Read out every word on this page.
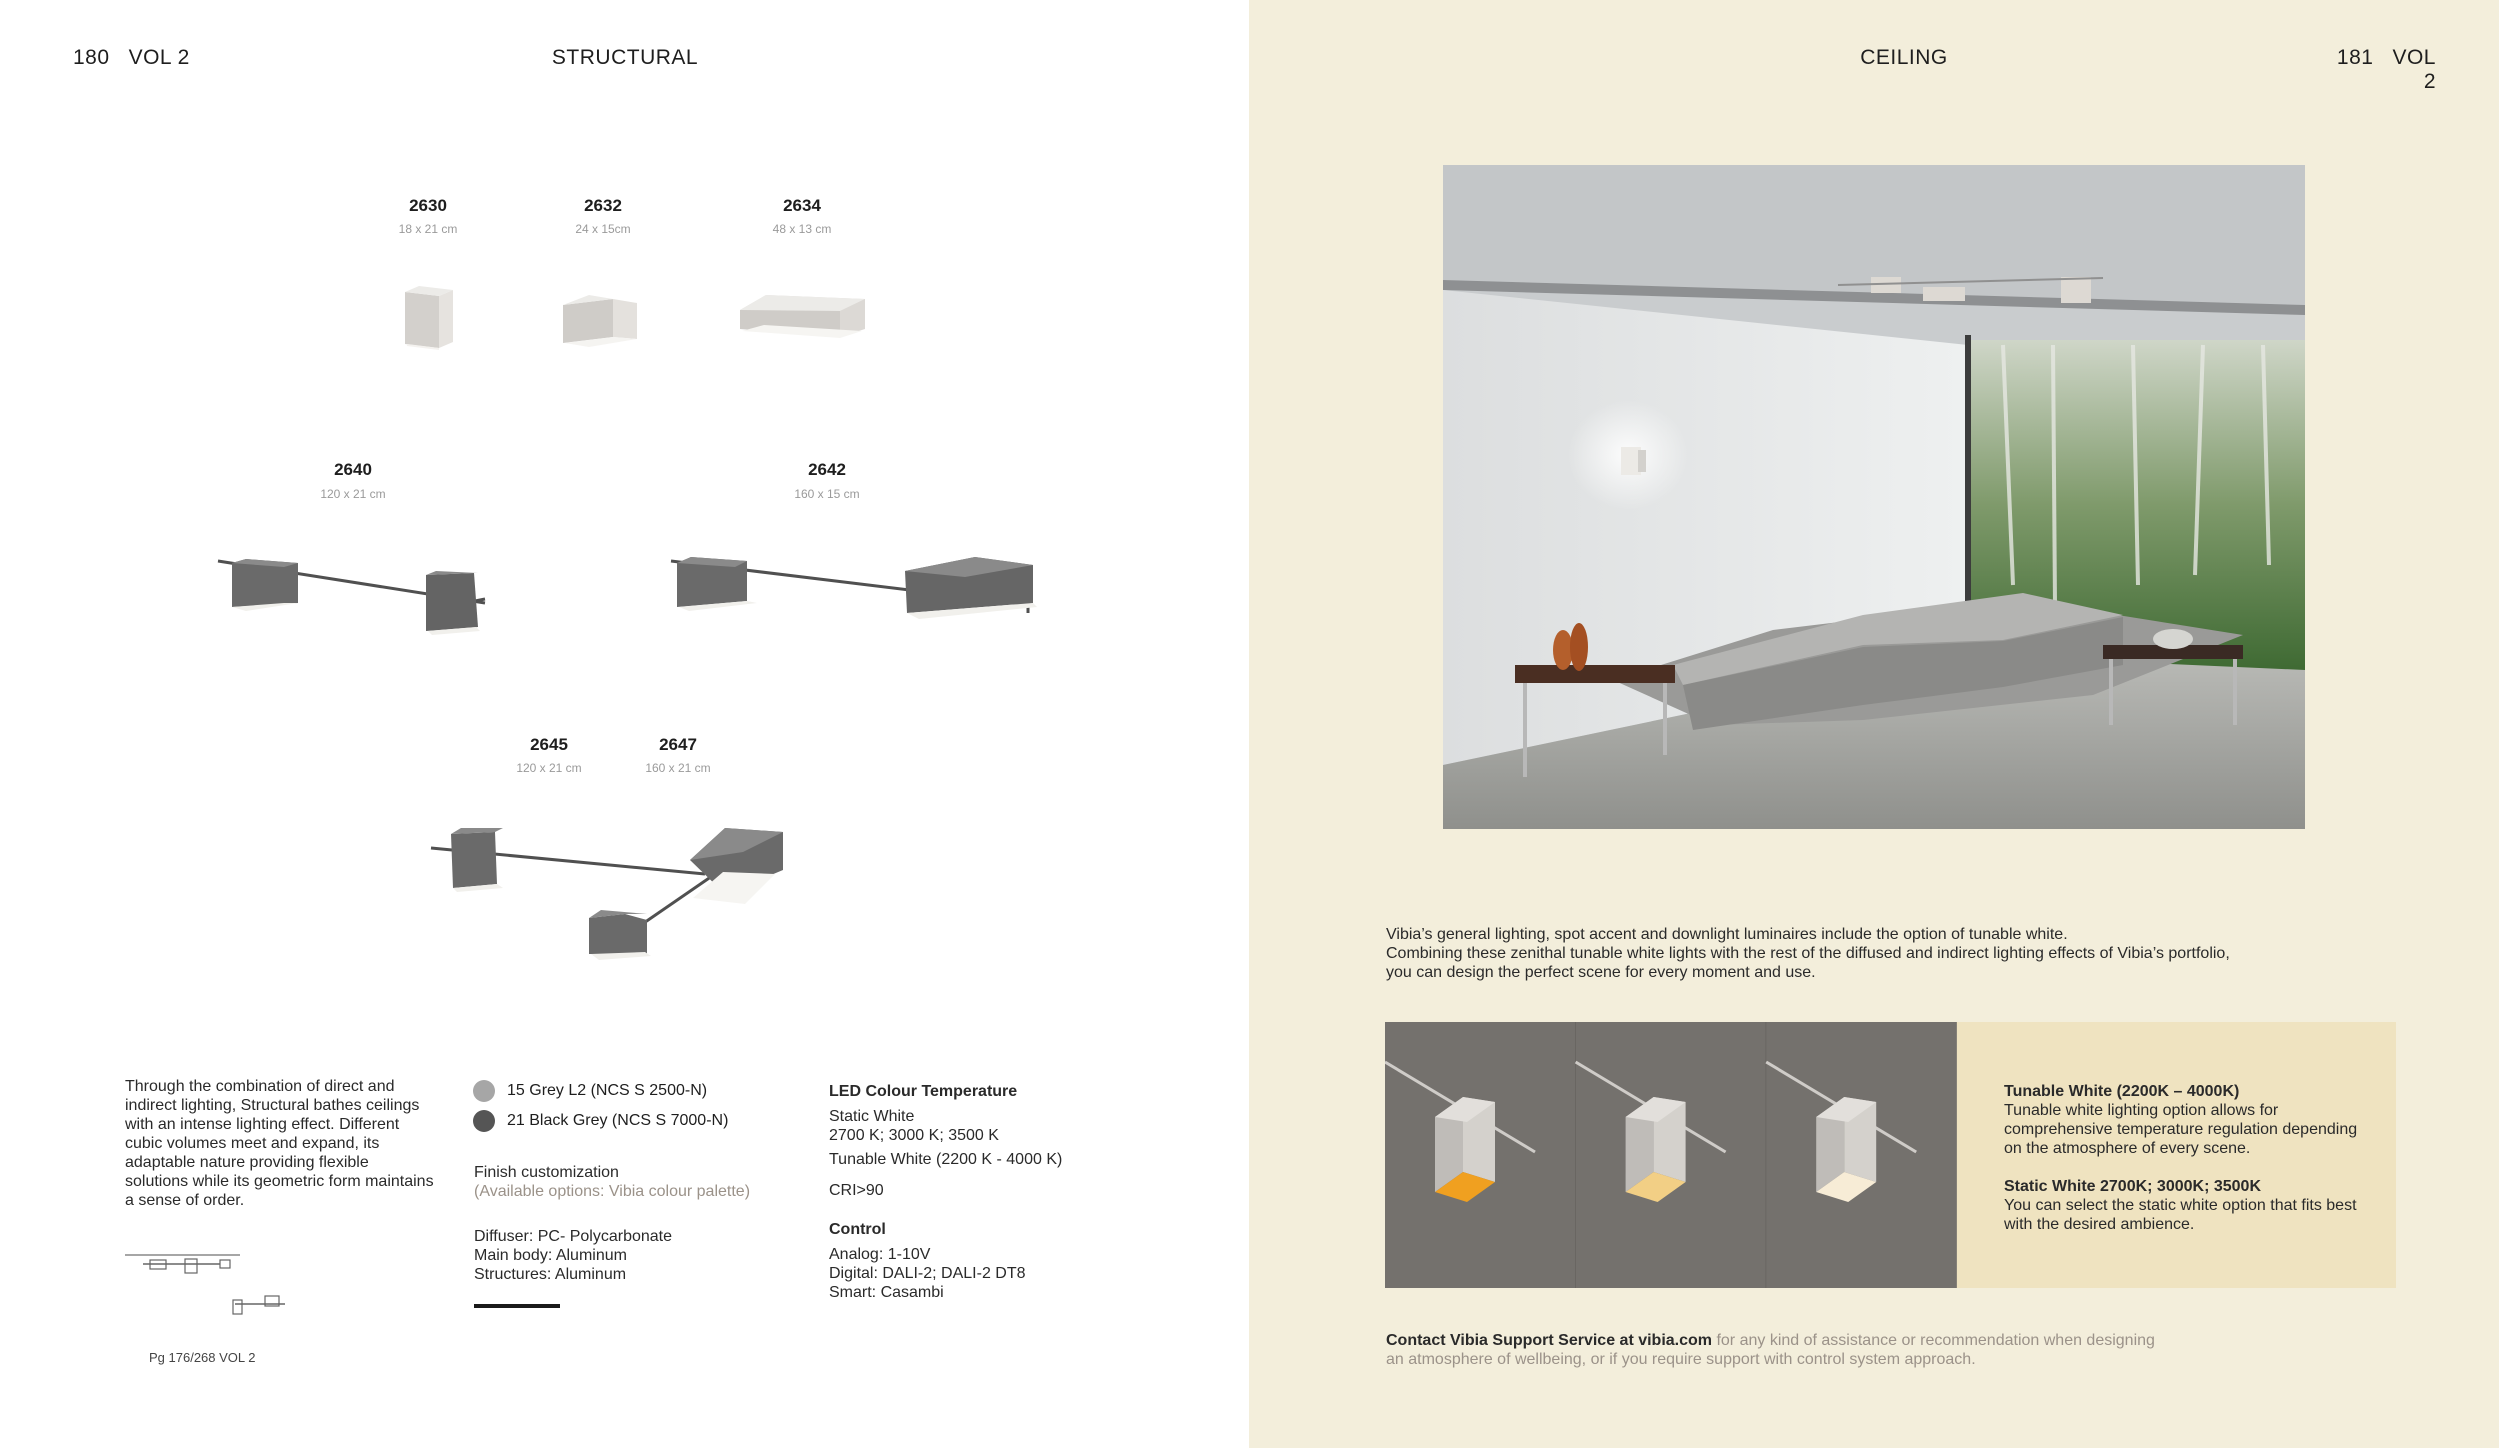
180 VOL 2	STRUCTURAL
2630
18 x 21 cm
2632
24 x 15cm
2634
48 x 13 cm
2640
120 x 21 cm
2642
160 x 15 cm
2645
120 x 21 cm
2647
160 x 21 cm
Through the combination of direct and indirect lighting, Structural bathes ceilings with an intense lighting effect. Different cubic volumes meet and expand, its adaptable nature providing flexible solutions while its geometric form maintains a sense of order.
Pg 176/268 VOL 2
15 Grey L2 (NCS S 2500-N)
21 Black Grey (NCS S 7000-N)
Finish customization
(Available options: Vibia colour palette)
Diffuser: PC- Polycarbonate
Main body: Aluminum
Structures: Aluminum
LED Colour Temperature
Static White
2700 K; 3000 K; 3500 K
Tunable White (2200 K - 4000 K)
CRI>90
Control
Analog: 1-10V
Digital: DALI-2; DALI-2 DT8
Smart: Casambi
CEILING	181 VOL 2
Vibia’s general lighting, spot accent and downlight luminaires include the option of tunable white.
Combining these zenithal tunable white lights with the rest of the diffused and indirect lighting effects of Vibia’s portfolio,
you can design the perfect scene for every moment and use.
Tunable White (2200K – 4000K)
Tunable white lighting option allows for comprehensive temperature regulation depending on the atmosphere of every scene.
Static White 2700K; 3000K; 3500K
You can select the static white option that fits best with the desired ambience.
Contact Vibia Support Service at vibia.com for any kind of assistance or recommendation when designing
an atmosphere of wellbeing, or if you require support with control system approach.
